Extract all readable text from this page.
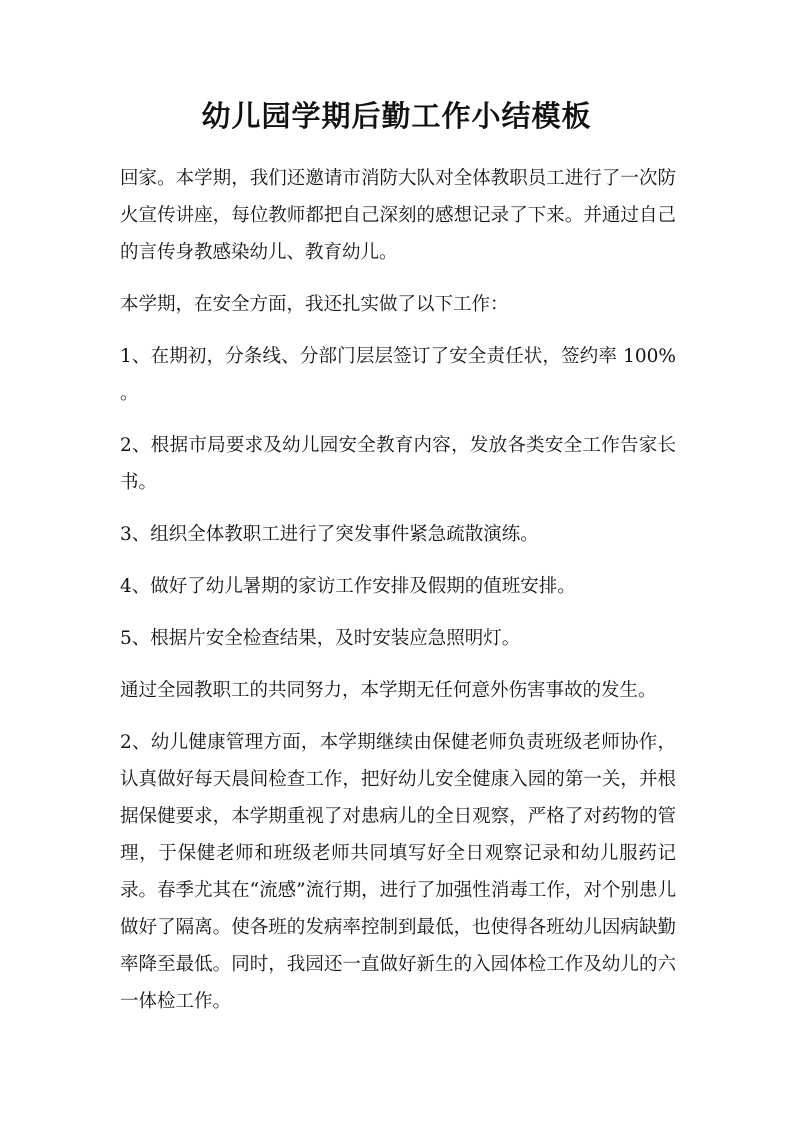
幼儿园学期后勤工作小结模板

回家。本学期，我们还邀请市消防大队对全体教职员工进行了一次防火宣传讲座，每位教师都把自己深刻的感想记录了下来。并通过自己的言传身教感染幼儿、教育幼儿。

本学期，在安全方面，我还扎实做了以下工作：

1、在期初，分条线、分部门层层签订了安全责任状，签约率 100% 。

2、根据市局要求及幼儿园安全教育内容，发放各类安全工作告家长书。

3、组织全体教职工进行了突发事件紧急疏散演练。

4、做好了幼儿暑期的家访工作安排及假期的值班安排。

5、根据片安全检查结果，及时安装应急照明灯。

通过全园教职工的共同努力，本学期无任何意外伤害事故的发生。

2、幼儿健康管理方面，本学期继续由保健老师负责班级老师协作，认真做好每天晨间检查工作，把好幼儿安全健康入园的第一关，并根据保健要求，本学期重视了对患病儿的全日观察，严格了对药物的管理，于保健老师和班级老师共同填写好全日观察记录和幼儿服药记录。春季尤其在“流感”流行期，进行了加强性消毒工作，对个别患儿做好了隔离。使各班的发病率控制到最低，也使得各班幼儿因病缺勤率降至最低。同时，我园还一直做好新生的入园体检工作及幼儿的六一体检工作。
